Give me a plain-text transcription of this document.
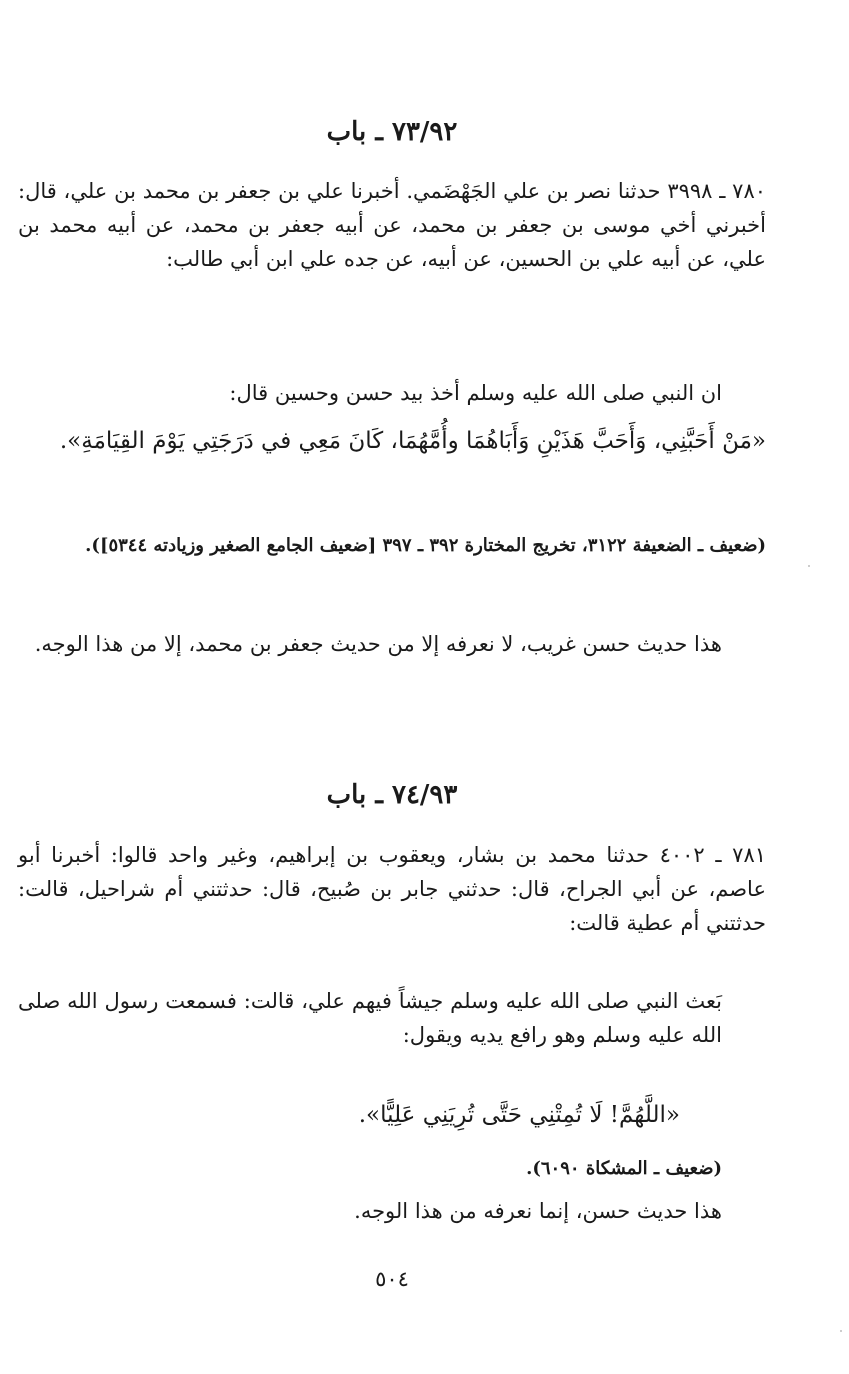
٧٣/٩٢ ـ باب
٧٨٠ ـ ٣٩٩٨ حدثنا نصر بن علي الجَهْضَمي. أخبرنا علي بن جعفر بن محمد بن علي، قال: أخبرني أخي موسى بن جعفر بن محمد، عن أبيه جعفر بن محمد، عن أبيه محمد بن علي، عن أبيه علي بن الحسين، عن أبيه، عن جده علي ابن أبي طالب:
ان النبي صلى الله عليه وسلم أخذ بيد حسن وحسين قال:
«مَنْ أَحَبَّنِي، وَأَحَبَّ هَذَيْنِ وَأَبَاهُمَا وأُمَّهُمَا، كَانَ مَعِي في دَرَجَتِي يَوْمَ القِيَامَةِ».
(ضعيف ـ الضعيفة ٣١٢٢، تخريج المختارة ٣٩٢ ـ ٣٩٧ [ضعيف الجامع الصغير وزيادته ٥٣٤٤]).
هذا حديث حسن غريب، لا نعرفه إلا من حديث جعفر بن محمد، إلا من هذا الوجه.
٧٤/٩٣ ـ باب
٧٨١ ـ ٤٠٠٢ حدثنا محمد بن بشار، ويعقوب بن إبراهيم، وغير واحد قالوا: أخبرنا أبو عاصم، عن أبي الجراح، قال: حدثني جابر بن صُبيح، قال: حدثتني أم شراحيل، قالت: حدثتني أم عطية قالت:
بَعث النبي صلى الله عليه وسلم جيشاً فيهم علي، قالت: فسمعت رسول الله صلى الله عليه وسلم وهو رافع يديه ويقول:
«اللَّهُمَّ! لَا تُمِتْنِي حَتَّى تُرِيَنِي عَلِيًّا».
(ضعيف ـ المشكاة ٦٠٩٠).
هذا حديث حسن، إنما نعرفه من هذا الوجه.
٥٠٤
